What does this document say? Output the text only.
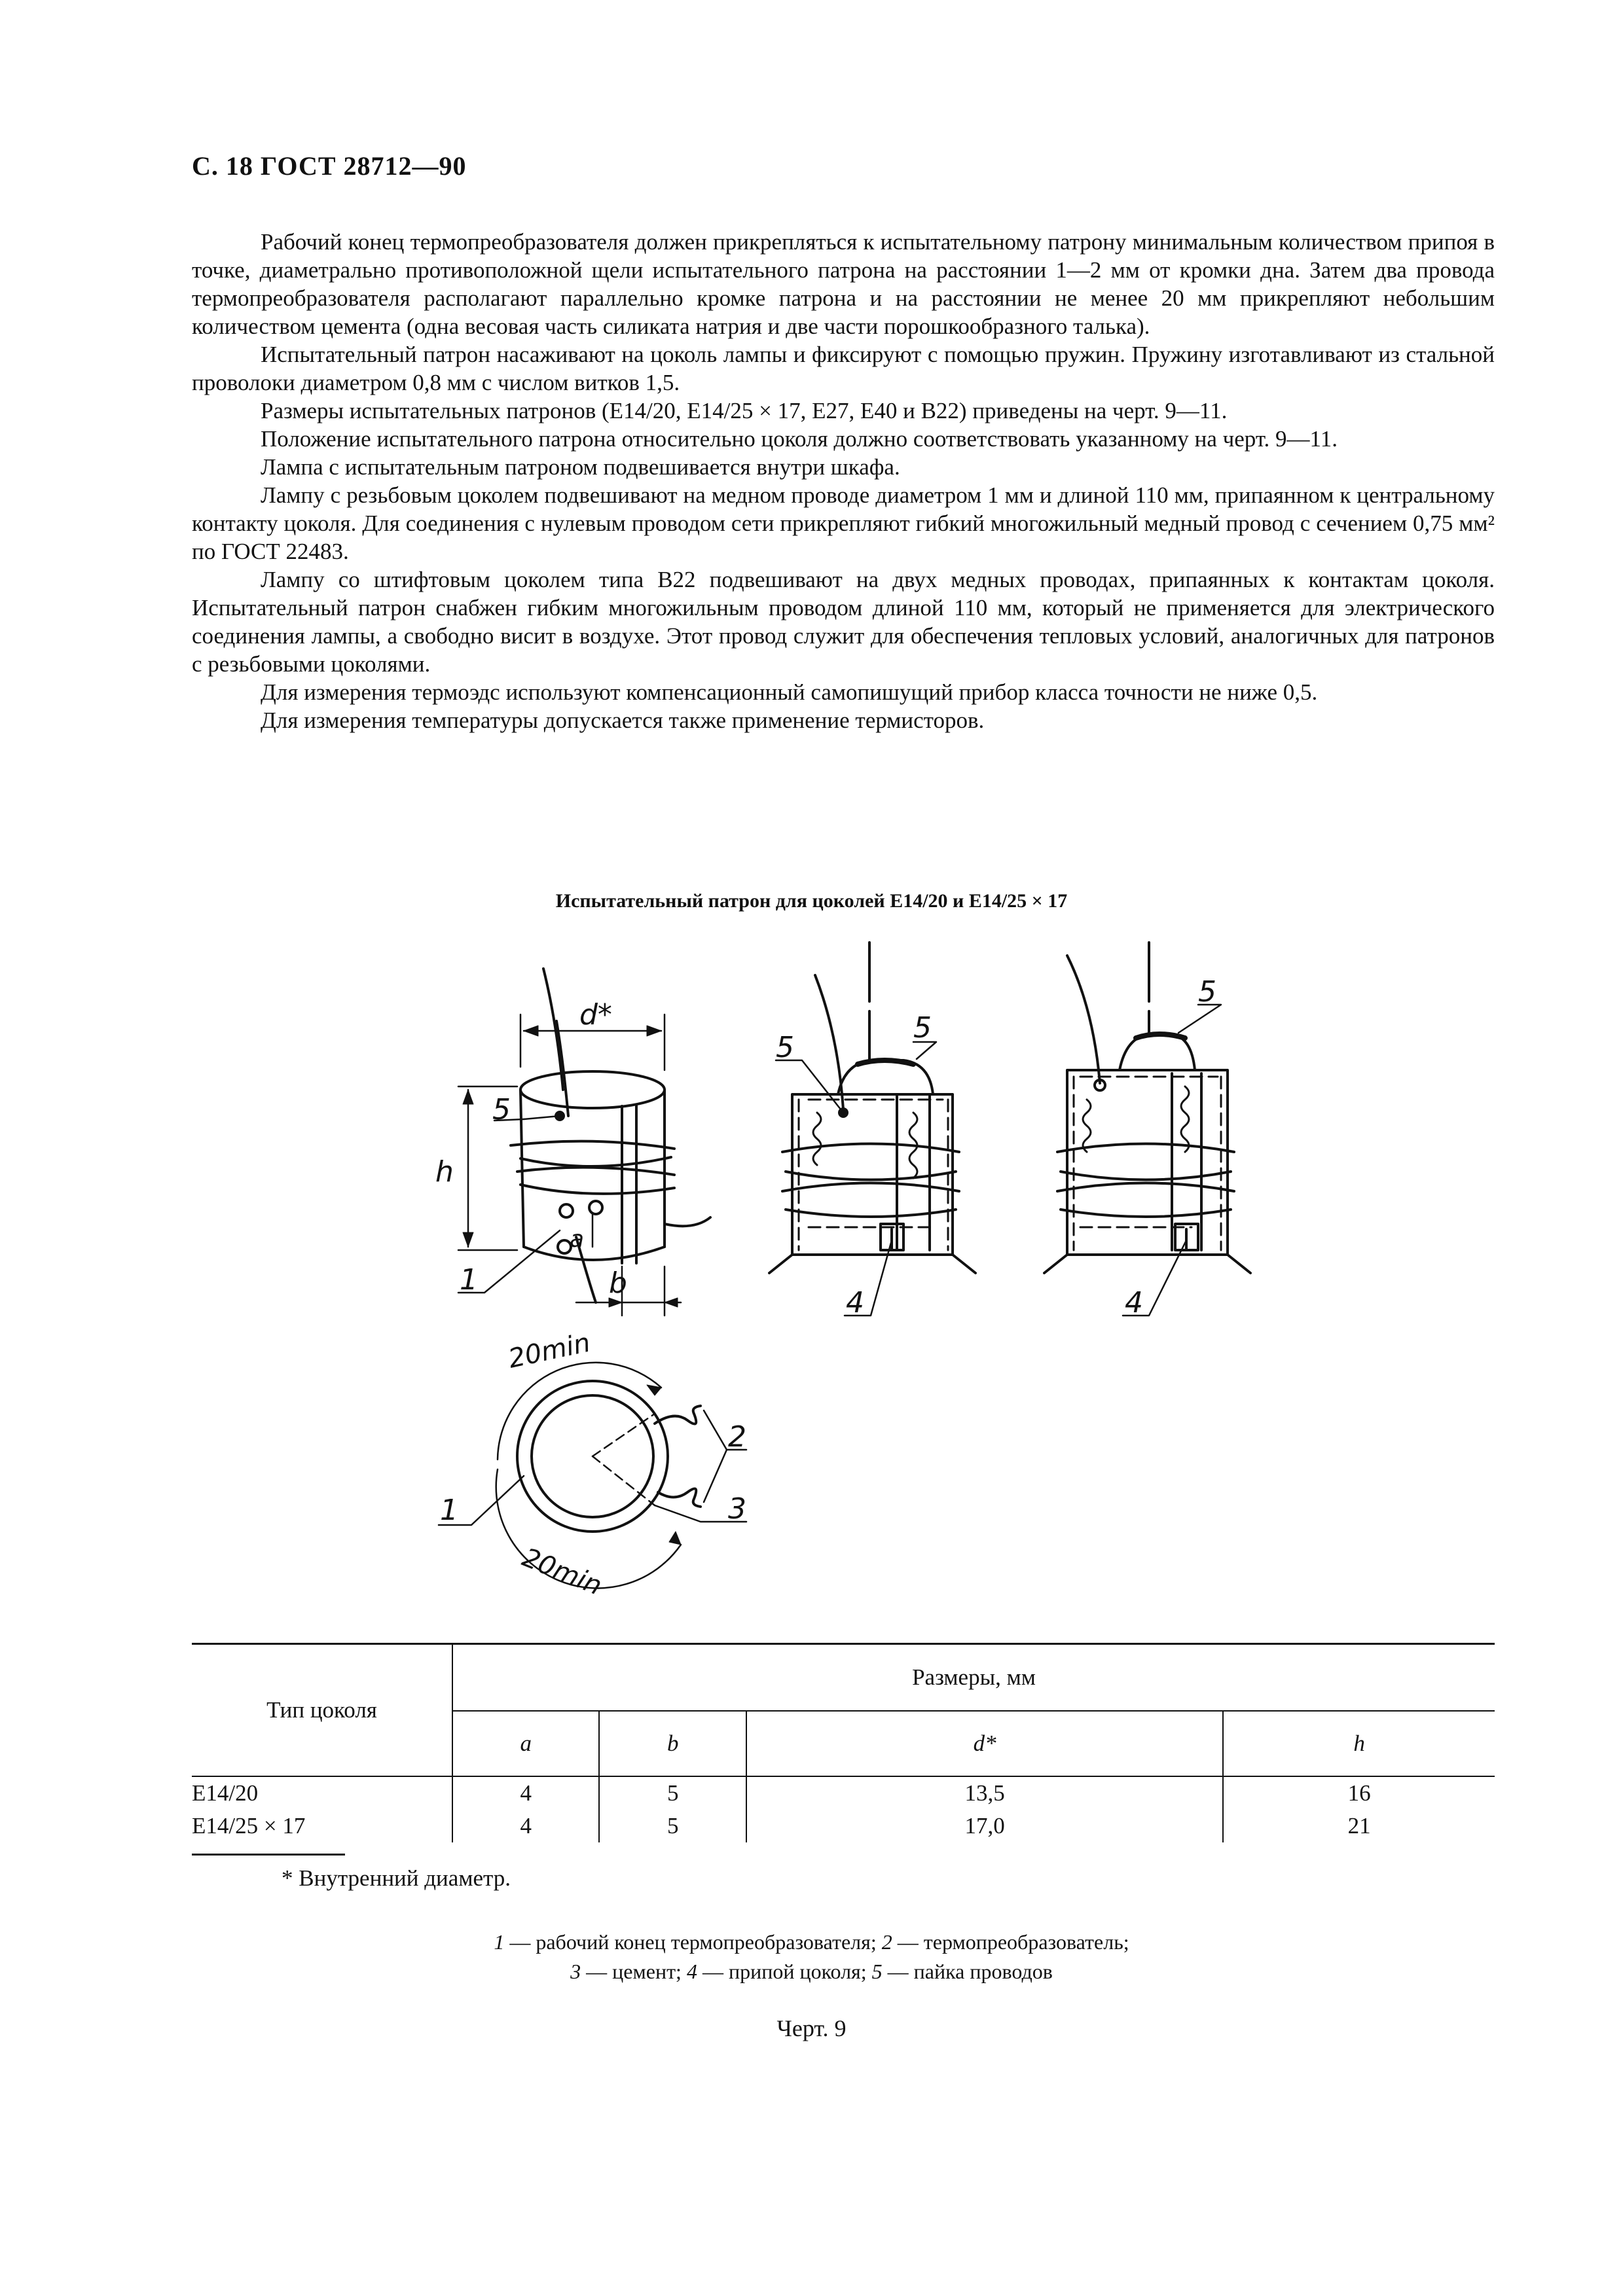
С. 18 ГОСТ 28712—90

Рабочий конец термопреобразователя должен прикрепляться к испытательному патрону минимальным количеством припоя в точке, диаметрально противоположной щели испытательного патрона на расстоянии 1—2 мм от кромки дна. Затем два провода термопреобразователя располагают параллельно кромке патрона и на расстоянии не менее 20 мм прикрепляют небольшим количеством цемента (одна весовая часть силиката натрия и две части порошкообразного талька).

Испытательный патрон насаживают на цоколь лампы и фиксируют с помощью пружин. Пружину изготавливают из стальной проволоки диаметром 0,8 мм с числом витков 1,5.

Размеры испытательных патронов (E14/20, E14/25 × 17, E27, E40 и B22) приведены на черт. 9—11.

Положение испытательного патрона относительно цоколя должно соответствовать указанному на черт. 9—11.

Лампа с испытательным патроном подвешивается внутри шкафа.

Лампу с резьбовым цоколем подвешивают на медном проводе диаметром 1 мм и длиной 110 мм, припаянном к центральному контакту цоколя. Для соединения с нулевым проводом сети прикрепляют гибкий многожильный медный провод с сечением 0,75 мм² по ГОСТ 22483.

Лампу со штифтовым цоколем типа B22 подвешивают на двух медных проводах, припаянных к контактам цоколя. Испытательный патрон снабжен гибким многожильным проводом длиной 110 мм, который не применяется для электрического соединения лампы, а свободно висит в воздухе. Этот провод служит для обеспечения тепловых условий, аналогичных для патронов с резьбовыми цоколями.

Для измерения термоэдс используют компенсационный самопишущий прибор класса точности не ниже 0,5.

Для измерения температуры допускается также применение термисторов.

Испытательный патрон для цоколей E14/20 и E14/25 × 17
d*
h
a
b
5
1
5
5
4
5
4
2
3
1
20min
20min
Тип цоколя	Размеры, мм			
	a	b	d*	h
E14/20	4	5	13,5	16
E14/25 × 17	4	5	17,0	21
* Внутренний диаметр.
1 — рабочий конец термопреобразователя; 2 — термопреобразователь;
3 — цемент; 4 — припой цоколя; 5 — пайка проводов
Черт. 9
